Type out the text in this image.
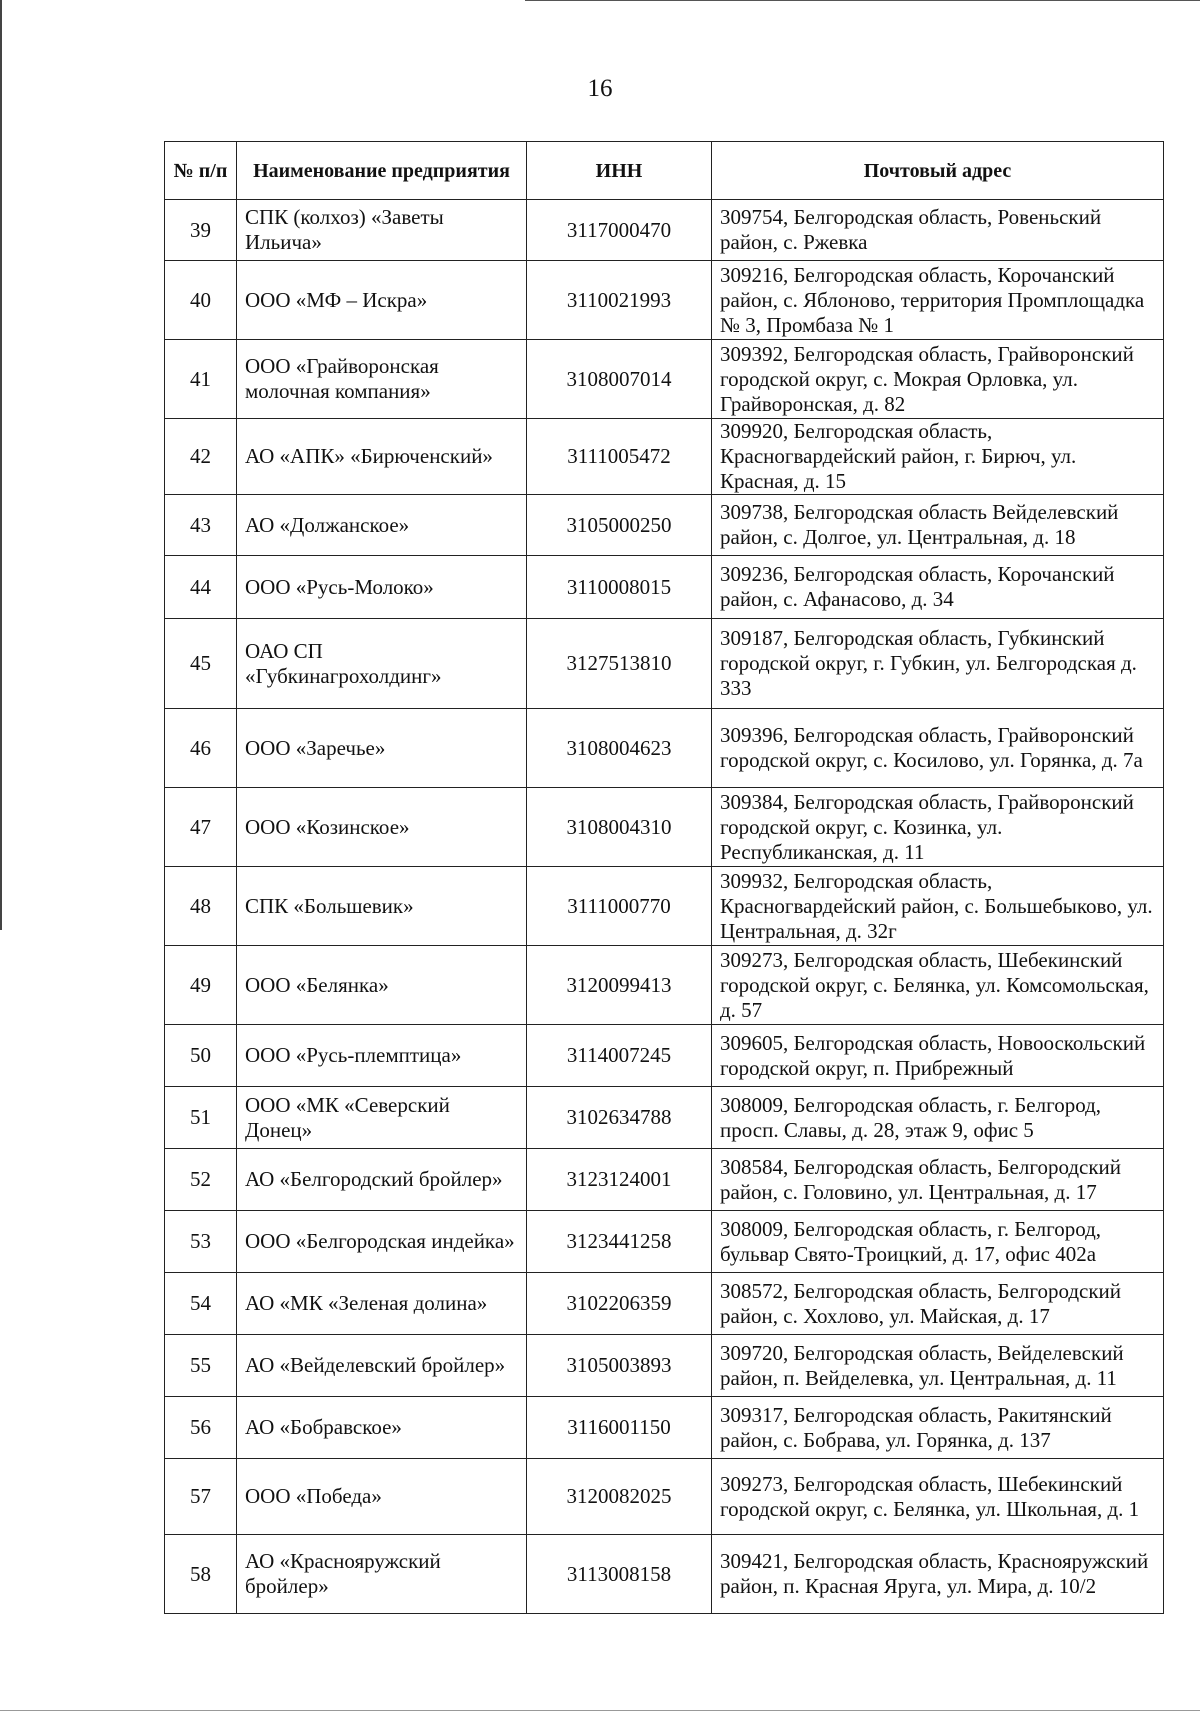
16
№ п/п	Наименование предприятия	ИНН	Почтовый адрес
39	СПК (колхоз) «Заветы Ильича»	3117000470	309754, Белгородская область, Ровеньский район, с. Ржевка
40	ООО «МФ – Искра»	3110021993	309216, Белгородская область, Корочанский район, с. Яблоново, территория Промплощадка № 3, Промбаза № 1
41	ООО «Грайворонская молочная компания»	3108007014	309392, Белгородская область, Грайворонский городской округ, с. Мокрая Орловка, ул. Грайворонская, д. 82
42	АО «АПК» «Бирюченский»	3111005472	309920, Белгородская область, Красногвардейский район, г. Бирюч, ул. Красная, д. 15
43	АО «Должанское»	3105000250	309738, Белгородская область Вейделевский район, с. Долгое, ул. Центральная, д. 18
44	ООО «Русь-Молоко»	3110008015	309236, Белгородская область, Корочанский район, с. Афанасово, д. 34
45	ОАО СП «Губкинагрохолдинг»	3127513810	309187, Белгородская область, Губкинский городской округ, г. Губкин, ул. Белгородская д. 333
46	ООО «Заречье»	3108004623	309396, Белгородская область, Грайворонский городской округ, с. Косилово, ул. Горянка, д. 7а
47	ООО «Козинское»	3108004310	309384, Белгородская область, Грайворонский городской округ, с. Козинка, ул. Республиканская, д. 11
48	СПК «Большевик»	3111000770	309932, Белгородская область, Красногвардейский район, с. Большебыково, ул. Центральная, д. 32г
49	ООО «Белянка»	3120099413	309273, Белгородская область, Шебекинский городской округ, с. Белянка, ул. Комсомольская, д. 57
50	ООО «Русь-племптица»	3114007245	309605, Белгородская область, Новооскольский городской округ, п. Прибрежный
51	ООО «МК «Северский Донец»	3102634788	308009, Белгородская область, г. Белгород, просп. Славы, д. 28, этаж 9, офис 5
52	АО «Белгородский бройлер»	3123124001	308584, Белгородская область, Белгородский район, с. Головино, ул. Центральная, д. 17
53	ООО «Белгородская индейка»	3123441258	308009, Белгородская область, г. Белгород, бульвар Свято-Троицкий, д. 17, офис 402а
54	АО «МК «Зеленая долина»	3102206359	308572, Белгородская область, Белгородский район, с. Хохлово, ул. Майская, д. 17
55	АО «Вейделевский бройлер»	3105003893	309720, Белгородская область, Вейделевский район, п. Вейделевка, ул. Центральная, д. 11
56	АО «Бобравское»	3116001150	309317, Белгородская область, Ракитянский район, с. Бобрава, ул. Горянка, д. 137
57	ООО «Победа»	3120082025	309273, Белгородская область, Шебекинский городской округ, с. Белянка, ул. Школьная, д. 1
58	АО «Краснояружский бройлер»	3113008158	309421, Белгородская область, Краснояружский район, п. Красная Яруга, ул. Мира, д. 10/2
